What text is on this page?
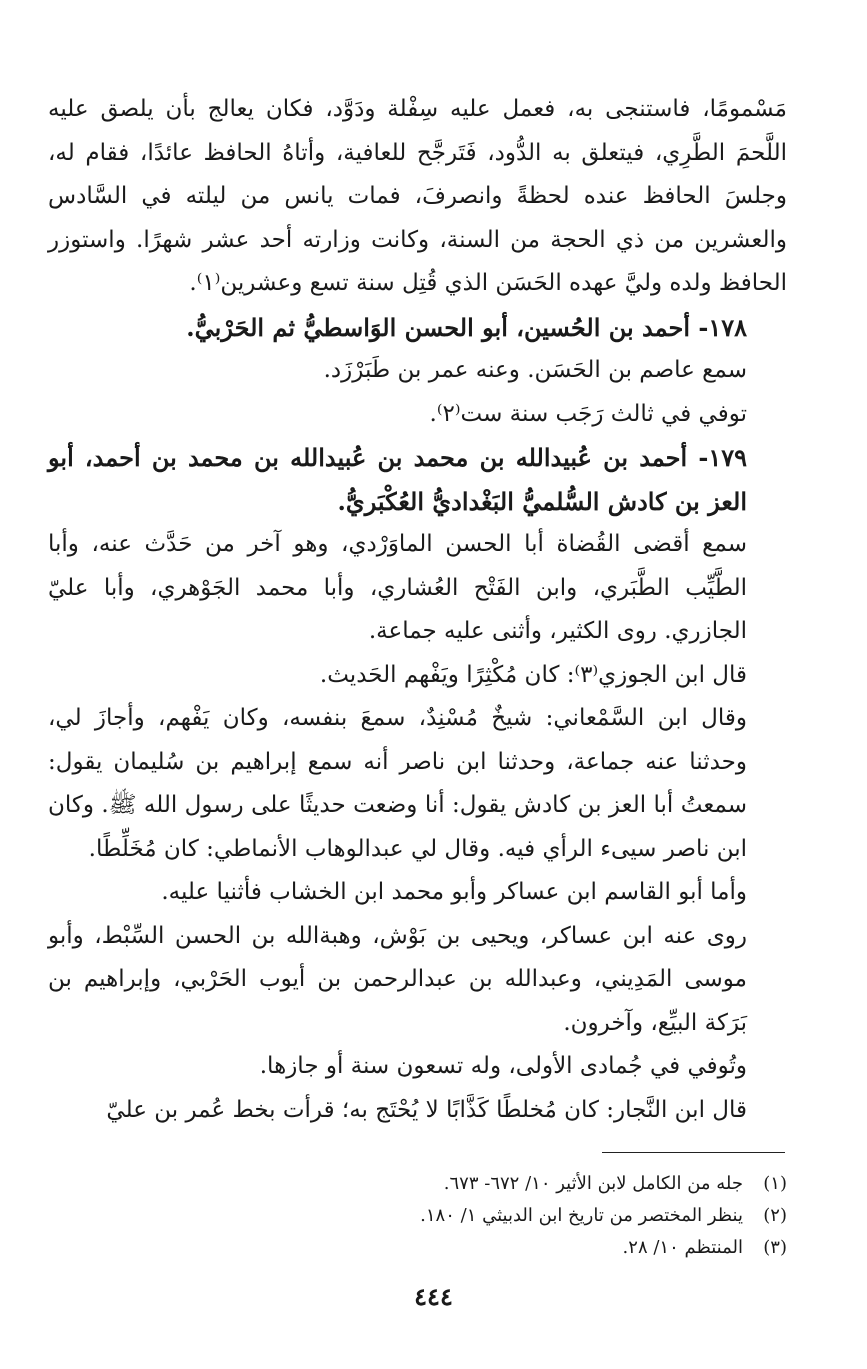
مَسْمومًا، فاستنجى به، فعمل عليه سِفْلة ودَوَّد، فكان يعالج بأن يلصق عليه اللَّحمَ الطَّرِي، فيتعلق به الدُّود، فَتَرجَّح للعافية، وأتاهُ الحافظ عائدًا، فقام له، وجلسَ الحافظ عنده لحظةً وانصرفَ، فمات يانس من ليلته في السَّادس والعشرين من ذي الحجة من السنة، وكانت وزارته أحد عشر شهرًا. واستوزر الحافظ ولده وليَّ عهده الحَسَن الذي قُتِل سنة تسع وعشرين⁽١⁾.

١٧٨- أحمد بن الحُسين، أبو الحسن الوَاسطيُّ ثم الحَرْبيُّ.

سمع عاصم بن الحَسَن. وعنه عمر بن طَبَرْزَد.

توفي في ثالث رَجَب سنة ست⁽٢⁾.

١٧٩- أحمد بن عُبيدالله بن محمد بن عُبيدالله بن محمد بن أحمد، أبو العز بن كادش السُّلميُّ البَغْداديُّ العُكْبَريُّ.

سمع أقضى القُضاة أبا الحسن الماوَرْدي، وهو آخر من حَدَّث عنه، وأبا الطَّيِّب الطَّبَري، وابن الفَتْح العُشاري، وأبا محمد الجَوْهري، وأبا عليّ الجازري. روى الكثير، وأثنى عليه جماعة.

قال ابن الجوزي⁽٣⁾: كان مُكْثِرًا ويَفْهم الحَديث.

وقال ابن السَّمْعاني: شيخٌ مُسْنِدٌ، سمعَ بنفسه، وكان يَفْهم، وأجازَ لي، وحدثنا عنه جماعة، وحدثنا ابن ناصر أنه سمع إبراهيم بن سُليمان يقول: سمعتُ أبا العز بن كادش يقول: أنا وضعت حديثًا على رسول الله ﷺ. وكان ابن ناصر سيىء الرأي فيه. وقال لي عبدالوهاب الأنماطي: كان مُخَلِّطًا.

وأما أبو القاسم ابن عساكر وأبو محمد ابن الخشاب فأثنيا عليه.

روى عنه ابن عساكر، ويحيى بن بَوْش، وهبةالله بن الحسن السِّبْط، وأبو موسى المَدِيني، وعبدالله بن عبدالرحمن بن أيوب الحَرْبي، وإبراهيم بن بَرَكة البيِّع، وآخرون.

وتُوفي في جُمادى الأولى، وله تسعون سنة أو جازها.

قال ابن النَّجار: كان مُخلطًا كَذَّابًا لا يُحْتَج به؛ قرأت بخط عُمر بن عليّ

(١)
جله من الكامل لابن الأثير ١٠/ ٦٧٢- ٦٧٣.
(٢)
ينظر المختصر من تاريخ ابن الدبيثي ١/ ١٨٠.
(٣)
المنتظم ١٠/ ٢٨.
٤٤٤
